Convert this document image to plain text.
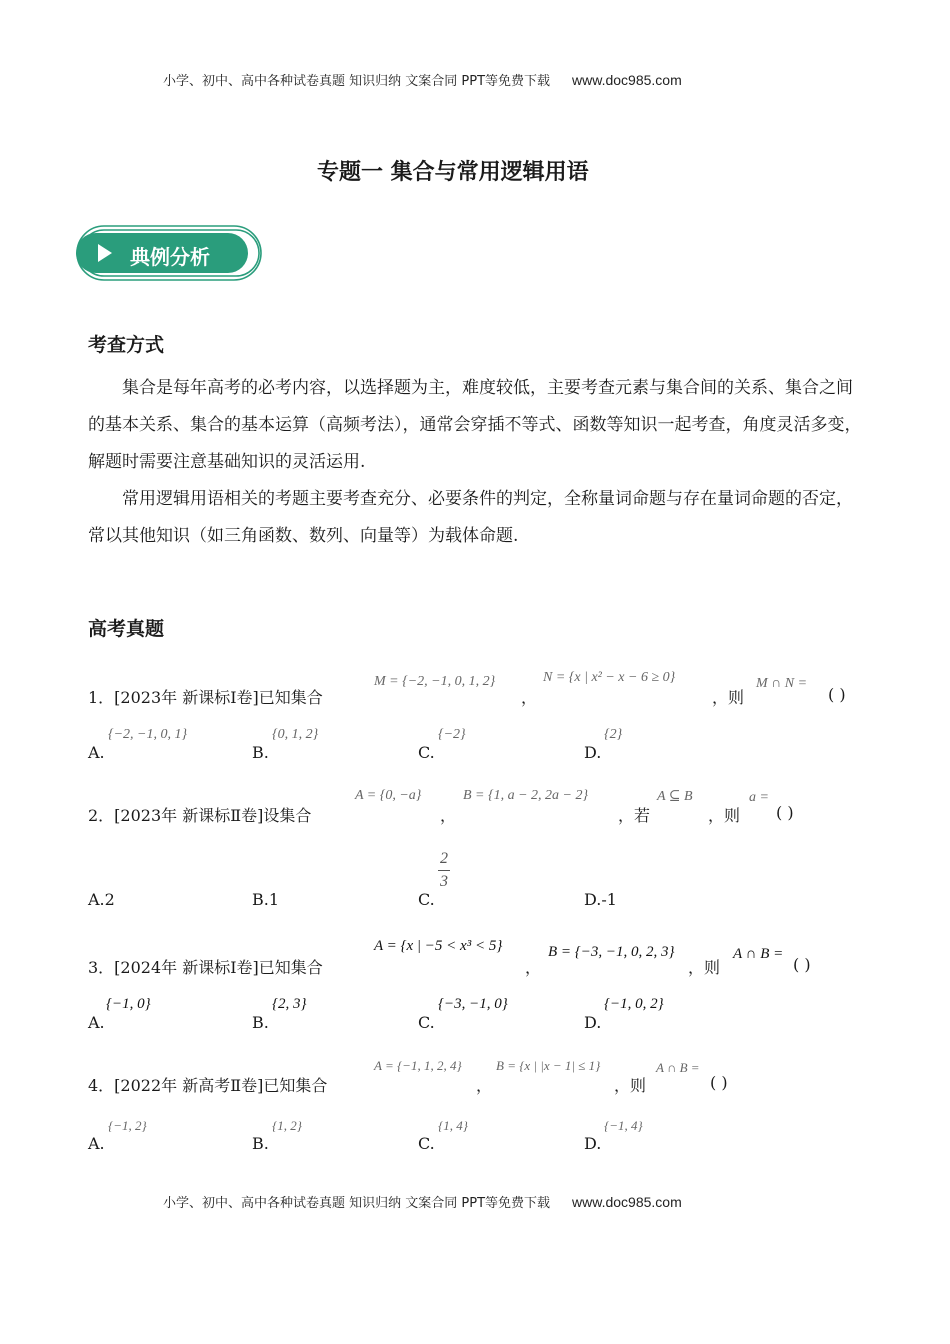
小学、初中、高中各种试卷真题 知识归纳 文案合同 PPT等免费下载 www.doc985.com
专题一 集合与常用逻辑用语
典例分析
考查方式

集合是每年高考的必考内容，以选择题为主，难度较低，主要考查元素与集合间的关系、集合之间的基本关系、集合的基本运算（高频考法），通常会穿插不等式、函数等知识一起考查，角度灵活多变，解题时需要注意基础知识的灵活运用.

常用逻辑用语相关的考题主要考查充分、必要条件的判定，全称量词命题与存在量词命题的否定，常以其他知识（如三角函数、数列、向量等）为载体命题.

高考真题
1．[2023年 新课标Ⅰ卷]已知集合
M = {−2, −1, 0, 1, 2}
，
N = {x | x² − x − 6 ≥ 0}
，则
M ∩ N =
( )
{−2, −1, 0, 1}
A.
{0, 1, 2}
B.
{−2}
C.
{2}
D.
2．[2023年 新课标Ⅱ卷]设集合
A = {0, −a}
，
B = {1, a − 2, 2a − 2}
，若
A ⊆ B
，则
a =
( )
A.2	B.1
2
3
C.	D.-1
3．[2024年 新课标Ⅰ卷]已知集合
A = {x | −5 < x³ < 5}
，
B = {−3, −1, 0, 2, 3}
，则
A ∩ B =
( )
{−1, 0}
A.
{2, 3}
B.
{−3, −1, 0}
C.
{−1, 0, 2}
D.
4．[2022年 新高考Ⅱ卷]已知集合
A = {−1, 1, 2, 4}
，
B = {x | |x − 1| ≤ 1}
，则
A ∩ B =
( )
{−1, 2}
A.
{1, 2}
B.
{1, 4}
C.
{−1, 4}
D.
小学、初中、高中各种试卷真题 知识归纳 文案合同 PPT等免费下载 www.doc985.com
